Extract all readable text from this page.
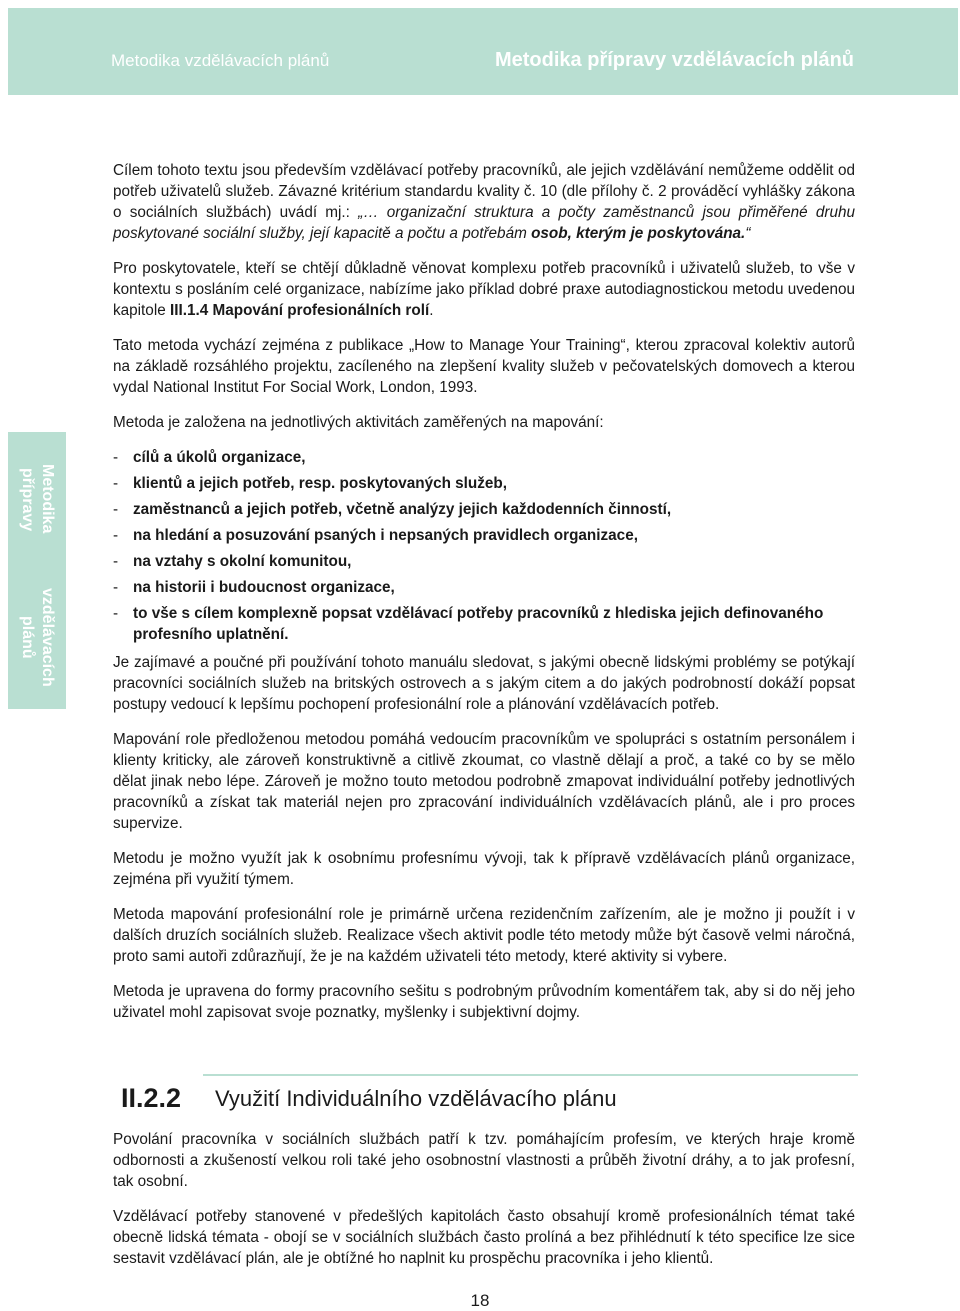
Metodika vzdělávacích plánů	Metodika přípravy vzdělávacích plánů
Metodika přípravy
vzdělávacích plánů

Cílem tohoto textu jsou především vzdělávací potřeby pracovníků, ale jejich vzdělávání nemůžeme oddělit od potřeb uživatelů služeb. Závazné kritérium standardu kvality č. 10 (dle přílohy č. 2 prováděcí vyhlášky zákona o sociálních službách) uvádí mj.: „… organizační struktura a počty zaměstnanců jsou přiměřené druhu poskytované sociální služby, její kapacitě a počtu a potřebám osob, kterým je poskytována.“

Pro poskytovatele, kteří se chtějí důkladně věnovat komplexu potřeb pracovníků i uživatelů služeb, to vše v kontextu s posláním celé organizace, nabízíme jako příklad dobré praxe autodiagnostickou metodu uvedenou kapitole III.1.4 Mapování profesionálních rolí.

Tato metoda vychází zejména z publikace „How to Manage Your Training“, kterou zpracoval kolektiv autorů na základě rozsáhlého projektu, zacíleného na zlepšení kvality služeb v pečovatelských domovech a kterou vydal National Institut For Social Work, London, 1993.

Metoda je založena na jednotlivých aktivitách zaměřených na mapování:

- cílů a úkolů organizace,
- klientů a jejich potřeb, resp. poskytovaných služeb,
- zaměstnanců a jejich potřeb, včetně analýzy jejich každodenních činností,
- na hledání a posuzování psaných i nepsaných pravidlech organizace,
- na vztahy s okolní komunitou,
- na historii i budoucnost organizace,
- to vše s cílem komplexně popsat vzdělávací potřeby pracovníků z hlediska jejich definovaného profesního uplatnění.

Je zajímavé a poučné při používání tohoto manuálu sledovat, s jakými obecně lidskými problémy se potýkají pracovníci sociálních služeb na britských ostrovech a s jakým citem a do jakých podrobností dokáží popsat postupy vedoucí k lepšímu pochopení profesionální role a plánování vzdělávacích potřeb.

Mapování role předloženou metodou pomáhá vedoucím pracovníkům ve spolupráci s ostatním personálem i klienty kriticky, ale zároveň konstruktivně a citlivě zkoumat, co vlastně dělají a proč, a také co by se mělo dělat jinak nebo lépe. Zároveň je možno touto metodou podrobně zmapovat individuální potřeby jednotlivých pracovníků a získat tak materiál nejen pro zpracování individuálních vzdělávacích plánů, ale i pro proces supervize.

Metodu je možno využít jak k osobnímu profesnímu vývoji, tak k přípravě vzdělávacích plánů organizace, zejména při využití týmem.

Metoda mapování profesionální role je primárně určena rezidenčním zařízením, ale je možno ji použít i v dalších druzích sociálních služeb. Realizace všech aktivit podle této metody může být časově velmi náročná, proto sami autoři zdůrazňují, že je na každém uživateli této metody, které aktivity si vybere.

Metoda je upravena do formy pracovního sešitu s podrobným průvodním komentářem tak, aby si do něj jeho uživatel mohl zapisovat svoje poznatky, myšlenky i subjektivní dojmy.

II.2.2 Využití Individuálního vzdělávacího plánu

Povolání pracovníka v sociálních službách patří k tzv. pomáhajícím profesím, ve kterých hraje kromě odbornosti a zkušeností velkou roli také jeho osobnostní vlastnosti a průběh životní dráhy, a to jak profesní, tak osobní.

Vzdělávací potřeby stanovené v předešlých kapitolách často obsahují kromě profesionálních témat také obecně lidská témata - obojí se v sociálních službách často prolíná a bez přihlédnutí k této specifice lze sice sestavit vzdělávací plán, ale je obtížné ho naplnit ku prospěchu pracovníka i jeho klientů.

18
